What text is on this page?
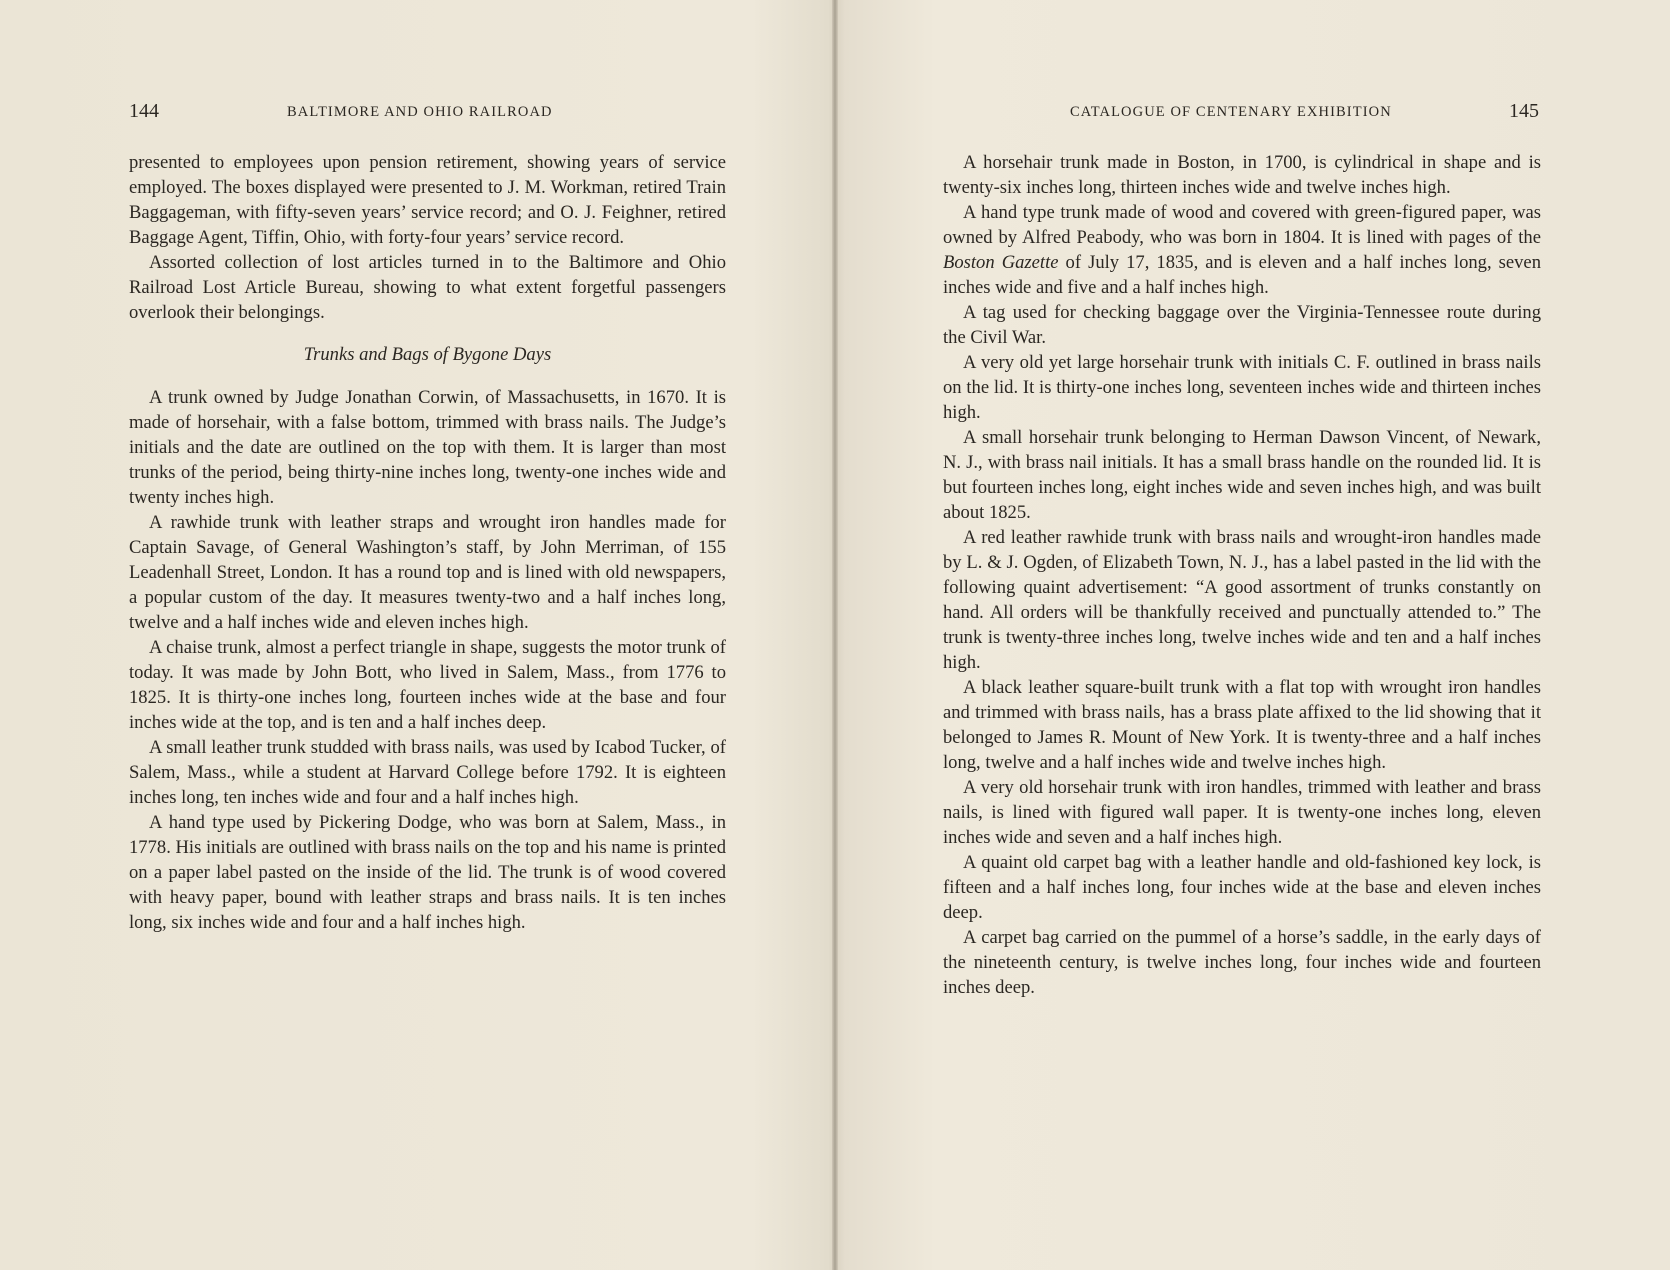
144	BALTIMORE AND OHIO RAILROAD

presented to employees upon pension retirement, showing years of service employed. The boxes displayed were presented to J. M. Workman, retired Train Baggageman, with fifty-seven years’ service record; and O. J. Feighner, retired Baggage Agent, Tiffin, Ohio, with forty-four years’ service record.

Assorted collection of lost articles turned in to the Baltimore and Ohio Railroad Lost Article Bureau, showing to what extent forgetful passengers overlook their belongings.

Trunks and Bags of Bygone Days

A trunk owned by Judge Jonathan Corwin, of Massachusetts, in 1670. It is made of horsehair, with a false bottom, trimmed with brass nails. The Judge’s initials and the date are outlined on the top with them. It is larger than most trunks of the period, being thirty-nine inches long, twenty-one inches wide and twenty inches high.

A rawhide trunk with leather straps and wrought iron handles made for Captain Savage, of General Washington’s staff, by John Merriman, of 155 Leadenhall Street, London. It has a round top and is lined with old newspapers, a popular custom of the day. It measures twenty-two and a half inches long, twelve and a half inches wide and eleven inches high.

A chaise trunk, almost a perfect triangle in shape, suggests the motor trunk of today. It was made by John Bott, who lived in Salem, Mass., from 1776 to 1825. It is thirty-one inches long, fourteen inches wide at the base and four inches wide at the top, and is ten and a half inches deep.

A small leather trunk studded with brass nails, was used by Icabod Tucker, of Salem, Mass., while a student at Harvard College before 1792. It is eighteen inches long, ten inches wide and four and a half inches high.

A hand type used by Pickering Dodge, who was born at Salem, Mass., in 1778. His initials are outlined with brass nails on the top and his name is printed on a paper label pasted on the inside of the lid. The trunk is of wood covered with heavy paper, bound with leather straps and brass nails. It is ten inches long, six inches wide and four and a half inches high.

CATALOGUE OF CENTENARY EXHIBITION	145

A horsehair trunk made in Boston, in 1700, is cylindrical in shape and is twenty-six inches long, thirteen inches wide and twelve inches high.

A hand type trunk made of wood and covered with green-figured paper, was owned by Alfred Peabody, who was born in 1804. It is lined with pages of the Boston Gazette of July 17, 1835, and is eleven and a half inches long, seven inches wide and five and a half inches high.

A tag used for checking baggage over the Virginia-Tennessee route during the Civil War.

A very old yet large horsehair trunk with initials C. F. outlined in brass nails on the lid. It is thirty-one inches long, seventeen inches wide and thirteen inches high.

A small horsehair trunk belonging to Herman Dawson Vincent, of Newark, N. J., with brass nail initials. It has a small brass handle on the rounded lid. It is but fourteen inches long, eight inches wide and seven inches high, and was built about 1825.

A red leather rawhide trunk with brass nails and wrought-iron handles made by L. & J. Ogden, of Elizabeth Town, N. J., has a label pasted in the lid with the following quaint advertisement: “A good assortment of trunks constantly on hand. All orders will be thankfully received and punctually attended to.” The trunk is twenty-three inches long, twelve inches wide and ten and a half inches high.

A black leather square-built trunk with a flat top with wrought iron handles and trimmed with brass nails, has a brass plate affixed to the lid showing that it belonged to James R. Mount of New York. It is twenty-three and a half inches long, twelve and a half inches wide and twelve inches high.

A very old horsehair trunk with iron handles, trimmed with leather and brass nails, is lined with figured wall paper. It is twenty-one inches long, eleven inches wide and seven and a half inches high.

A quaint old carpet bag with a leather handle and old-fashioned key lock, is fifteen and a half inches long, four inches wide at the base and eleven inches deep.

A carpet bag carried on the pummel of a horse’s saddle, in the early days of the nineteenth century, is twelve inches long, four inches wide and fourteen inches deep.
